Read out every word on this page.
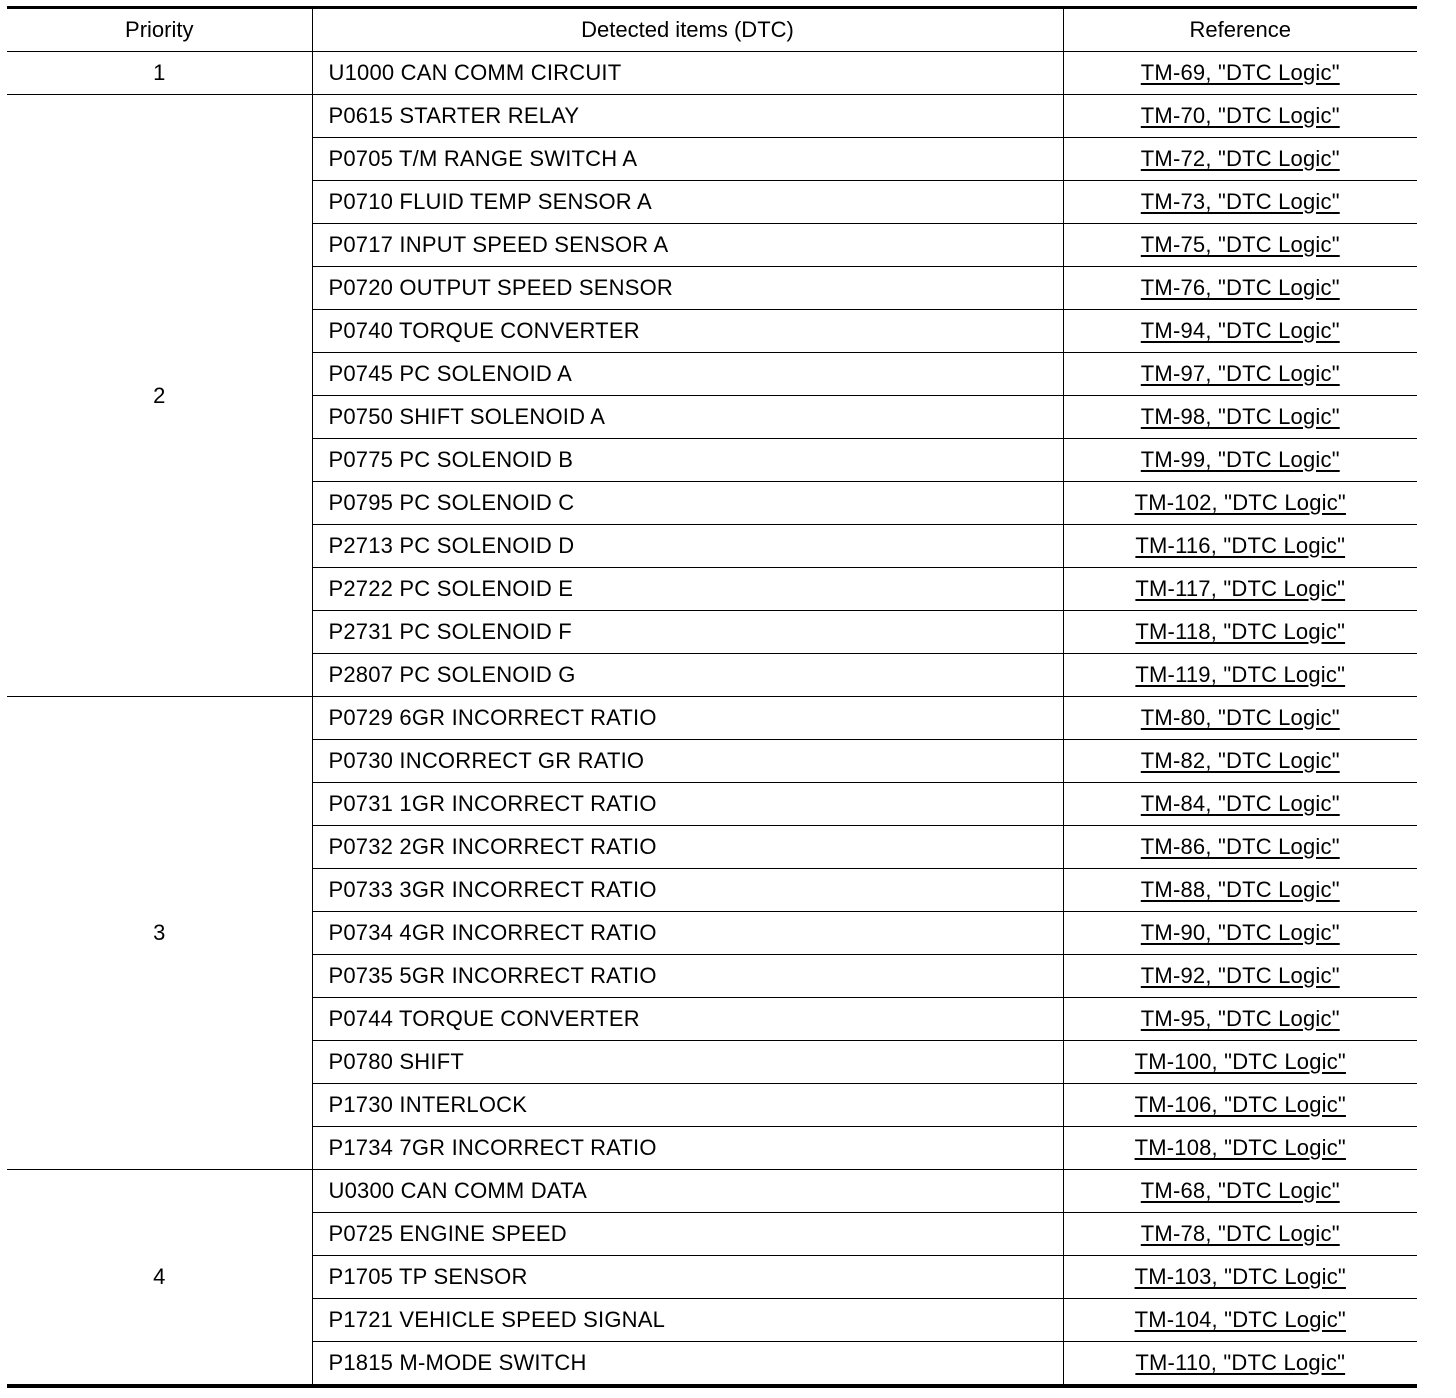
Priority	Detected items (DTC)	Reference
1	U1000 CAN COMM CIRCUIT	TM-69, "DTC Logic"
2	P0615 STARTER RELAY	TM-70, "DTC Logic"
	P0705 T/M RANGE SWITCH A	TM-72, "DTC Logic"
	P0710 FLUID TEMP SENSOR A	TM-73, "DTC Logic"
	P0717 INPUT SPEED SENSOR A	TM-75, "DTC Logic"
	P0720 OUTPUT SPEED SENSOR	TM-76, "DTC Logic"
	P0740 TORQUE CONVERTER	TM-94, "DTC Logic"
	P0745 PC SOLENOID A	TM-97, "DTC Logic"
	P0750 SHIFT SOLENOID A	TM-98, "DTC Logic"
	P0775 PC SOLENOID B	TM-99, "DTC Logic"
	P0795 PC SOLENOID C	TM-102, "DTC Logic"
	P2713 PC SOLENOID D	TM-116, "DTC Logic"
	P2722 PC SOLENOID E	TM-117, "DTC Logic"
	P2731 PC SOLENOID F	TM-118, "DTC Logic"
	P2807 PC SOLENOID G	TM-119, "DTC Logic"
3	P0729 6GR INCORRECT RATIO	TM-80, "DTC Logic"
	P0730 INCORRECT GR RATIO	TM-82, "DTC Logic"
	P0731 1GR INCORRECT RATIO	TM-84, "DTC Logic"
	P0732 2GR INCORRECT RATIO	TM-86, "DTC Logic"
	P0733 3GR INCORRECT RATIO	TM-88, "DTC Logic"
	P0734 4GR INCORRECT RATIO	TM-90, "DTC Logic"
	P0735 5GR INCORRECT RATIO	TM-92, "DTC Logic"
	P0744 TORQUE CONVERTER	TM-95, "DTC Logic"
	P0780 SHIFT	TM-100, "DTC Logic"
	P1730 INTERLOCK	TM-106, "DTC Logic"
	P1734 7GR INCORRECT RATIO	TM-108, "DTC Logic"
4	U0300 CAN COMM DATA	TM-68, "DTC Logic"
	P0725 ENGINE SPEED	TM-78, "DTC Logic"
	P1705 TP SENSOR	TM-103, "DTC Logic"
	P1721 VEHICLE SPEED SIGNAL	TM-104, "DTC Logic"
	P1815 M-MODE SWITCH	TM-110, "DTC Logic"
